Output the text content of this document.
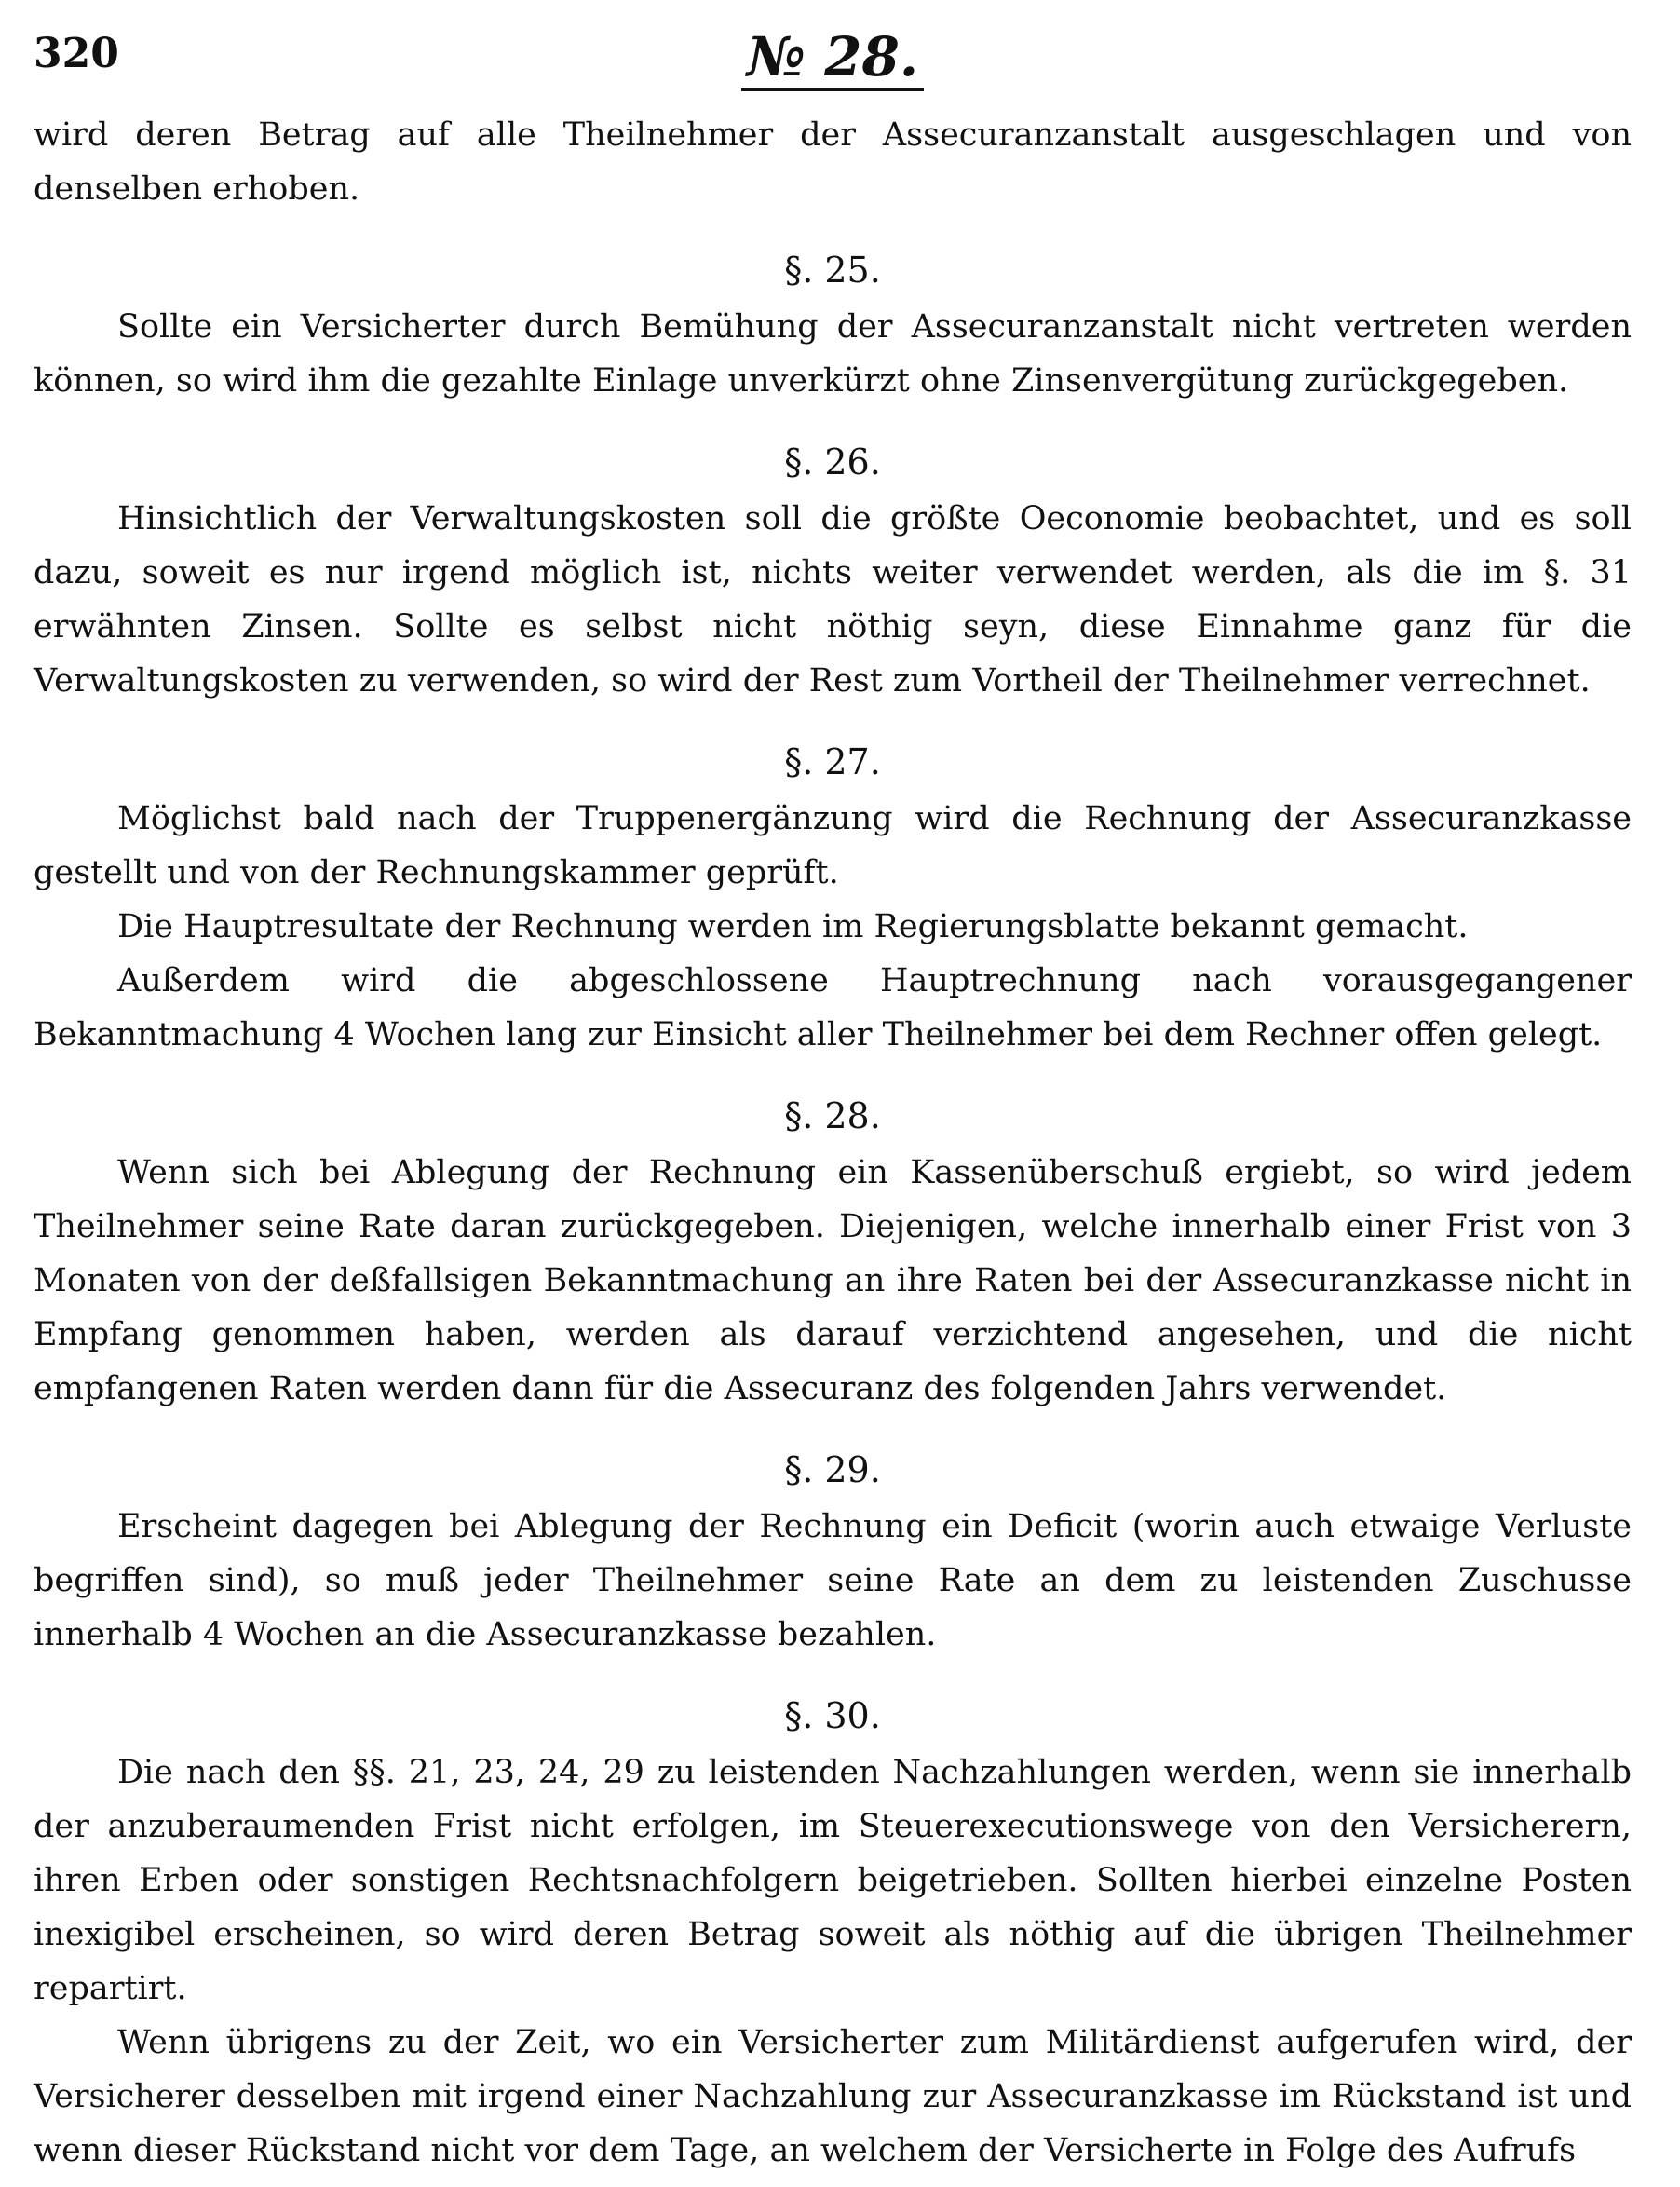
320	№ 28.

wird deren Betrag auf alle Theilnehmer der Assecuranzanstalt ausgeschlagen und von denselben erhoben.

§. 25.

Sollte ein Versicherter durch Bemühung der Assecuranzanstalt nicht vertreten werden können, so wird ihm die gezahlte Einlage unverkürzt ohne Zinsenvergütung zurückgegeben.

§. 26.

Hinsichtlich der Verwaltungskosten soll die größte Oeconomie beobachtet, und es soll dazu, soweit es nur irgend möglich ist, nichts weiter verwendet werden, als die im §. 31 erwähnten Zinsen. Sollte es selbst nicht nöthig seyn, diese Einnahme ganz für die Verwaltungskosten zu verwenden, so wird der Rest zum Vortheil der Theilnehmer verrechnet.

§. 27.

Möglichst bald nach der Truppenergänzung wird die Rechnung der Assecuranzkasse gestellt und von der Rechnungskammer geprüft.

Die Hauptresultate der Rechnung werden im Regierungsblatte bekannt gemacht.

Außerdem wird die abgeschlossene Hauptrechnung nach vorausgegangener Bekanntmachung 4 Wochen lang zur Einsicht aller Theilnehmer bei dem Rechner offen gelegt.

§. 28.

Wenn sich bei Ablegung der Rechnung ein Kassenüberschuß ergiebt, so wird jedem Theilnehmer seine Rate daran zurückgegeben. Diejenigen, welche innerhalb einer Frist von 3 Monaten von der deßfallsigen Bekanntmachung an ihre Raten bei der Assecuranzkasse nicht in Empfang genommen haben, werden als darauf verzichtend angesehen, und die nicht empfangenen Raten werden dann für die Assecuranz des folgenden Jahrs verwendet.

§. 29.

Erscheint dagegen bei Ablegung der Rechnung ein Deficit (worin auch etwaige Verluste begriffen sind), so muß jeder Theilnehmer seine Rate an dem zu leistenden Zuschusse innerhalb 4 Wochen an die Assecuranzkasse bezahlen.

§. 30.

Die nach den §§. 21, 23, 24, 29 zu leistenden Nachzahlungen werden, wenn sie innerhalb der anzuberaumenden Frist nicht erfolgen, im Steuerexecutionswege von den Versicherern, ihren Erben oder sonstigen Rechtsnachfolgern beigetrieben. Sollten hierbei einzelne Posten inexigibel erscheinen, so wird deren Betrag soweit als nöthig auf die übrigen Theilnehmer repartirt.

Wenn übrigens zu der Zeit, wo ein Versicherter zum Militärdienst aufgerufen wird, der Versicherer desselben mit irgend einer Nachzahlung zur Assecuranzkasse im Rückstand ist und wenn dieser Rückstand nicht vor dem Tage, an welchem der Versicherte in Folge des Aufrufs
